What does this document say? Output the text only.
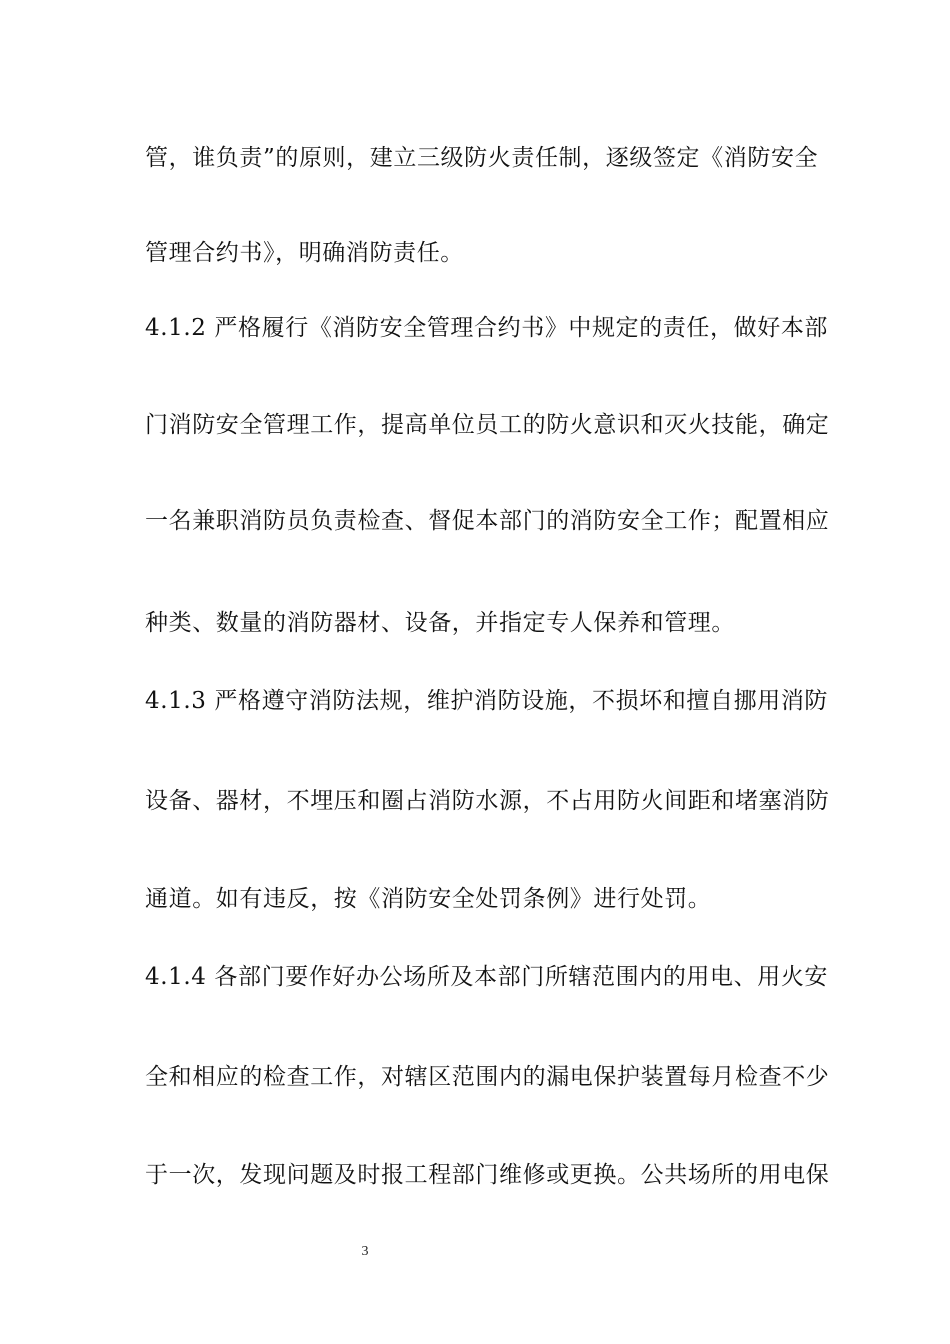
管，谁负责”的原则，建立三级防火责任制，逐级签定《消防安全
管理合约书》，明确消防责任。
4.1.2 严格履行《消防安全管理合约书》中规定的责任，做好本部
门消防安全管理工作，提高单位员工的防火意识和灭火技能，确定
一名兼职消防员负责检查、督促本部门的消防安全工作；配置相应
种类、数量的消防器材、设备，并指定专人保养和管理。
4.1.3 严格遵守消防法规，维护消防设施，不损坏和擅自挪用消防
设备、器材，不埋压和圈占消防水源，不占用防火间距和堵塞消防
通道。如有违反，按《消防安全处罚条例》进行处罚。
4.1.4 各部门要作好办公场所及本部门所辖范围内的用电、用火安
全和相应的检查工作，对辖区范围内的漏电保护装置每月检查不少
于一次，发现问题及时报工程部门维修或更换。公共场所的用电保
3
